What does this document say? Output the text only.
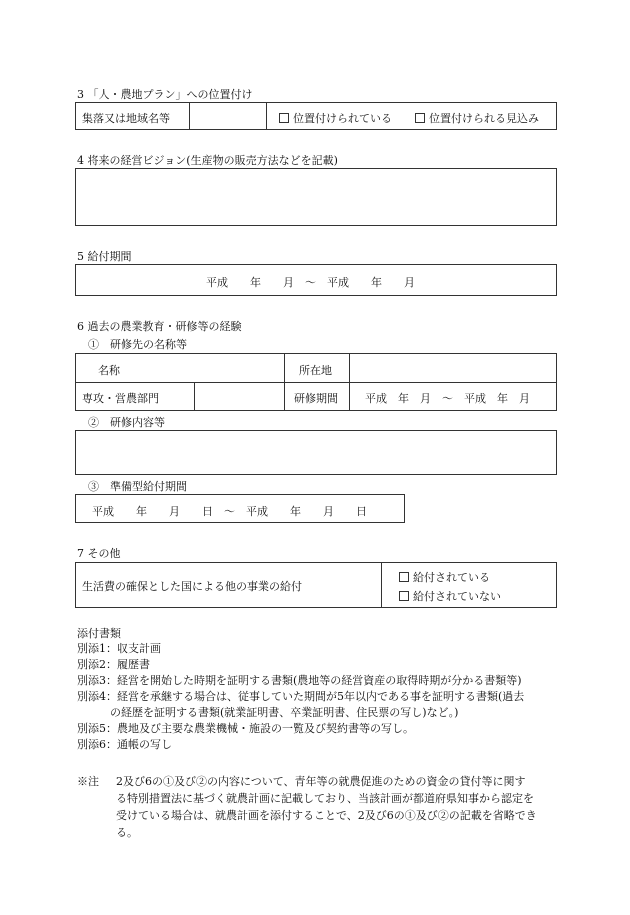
3 「人・農地プラン」への位置付け
集落又は地域名等	位置付けられている	位置付けられる見込み
4 将来の経営ビジョン(生産物の販売方法などを記載)
5 給付期間
平成　　年　　月　〜　平成　　年　　月
6 過去の農業教育・研修等の経験
①　研修先の名称等
名称	所在地
専攻・営農部門	研修期間 平成　年　月　〜　平成　年　月
②　研修内容等
③　準備型給付期間
平成　　年　　月　　日　〜　平成　　年　　月　　日
7 その他
生活費の確保とした国による他の事業の給付
給付されている
給付されていない
添付書類
別添1：収支計画
別添2：履歴書
別添3：経営を開始した時期を証明する書類(農地等の経営資産の取得時期が分かる書類等)
別添4：経営を承継する場合は、従事していた期間が5年以内である事を証明する書類(過去
　　　の経歴を証明する書類(就業証明書、卒業証明書、住民票の写し)など。)
別添5：農地及び主要な農業機械・施設の一覧及び契約書等の写し。
別添6：通帳の写し
※注 2及び6の①及び②の内容について、青年等の就農促進のための資金の貸付等に関す
る特別措置法に基づく就農計画に記載しており、当該計画が都道府県知事から認定を
受けている場合は、就農計画を添付することで、2及び6の①及び②の記載を省略でき
る。
